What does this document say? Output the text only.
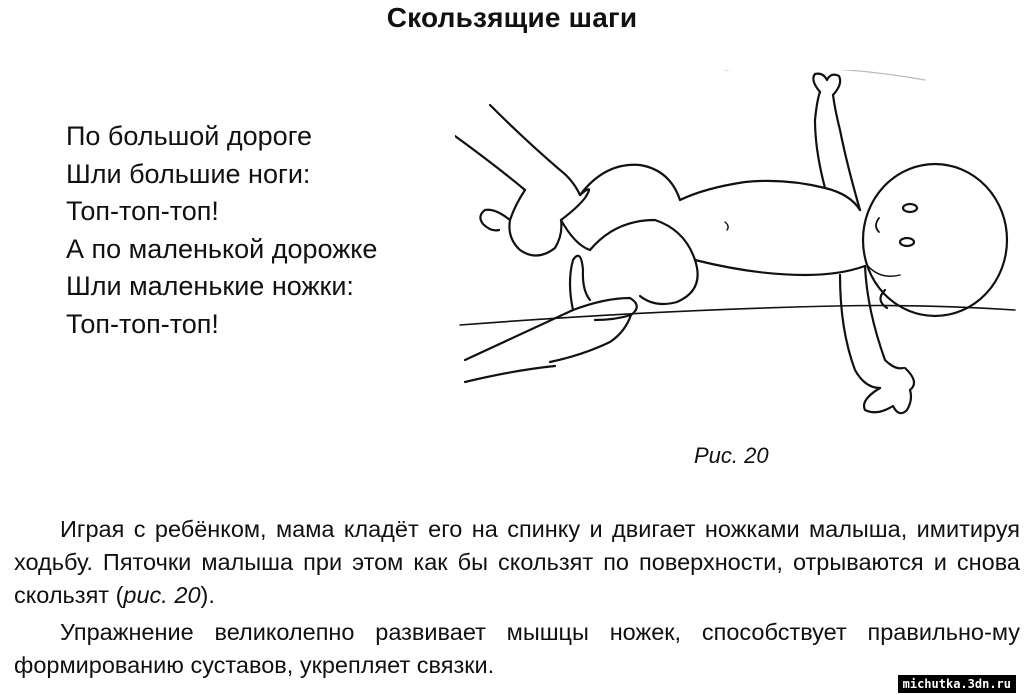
Скользящие шаги
По большой дороге
Шли большие ноги:
Топ-топ-топ!
А по маленькой дорожке
Шли маленькие ножки:
Топ-топ-топ!
Рис. 20
Играя с ребёнком, мама кладёт его на спинку и двигает ножками малыша, имитируя ходьбу. Пяточки малыша при этом как бы скользят по поверхности, отрываются и снова скользят (рис. 20).
Упражнение великолепно развивает мышцы ножек, способствует правильно-му формированию суставов, укрепляет связки.
michutka.3dn.ru
